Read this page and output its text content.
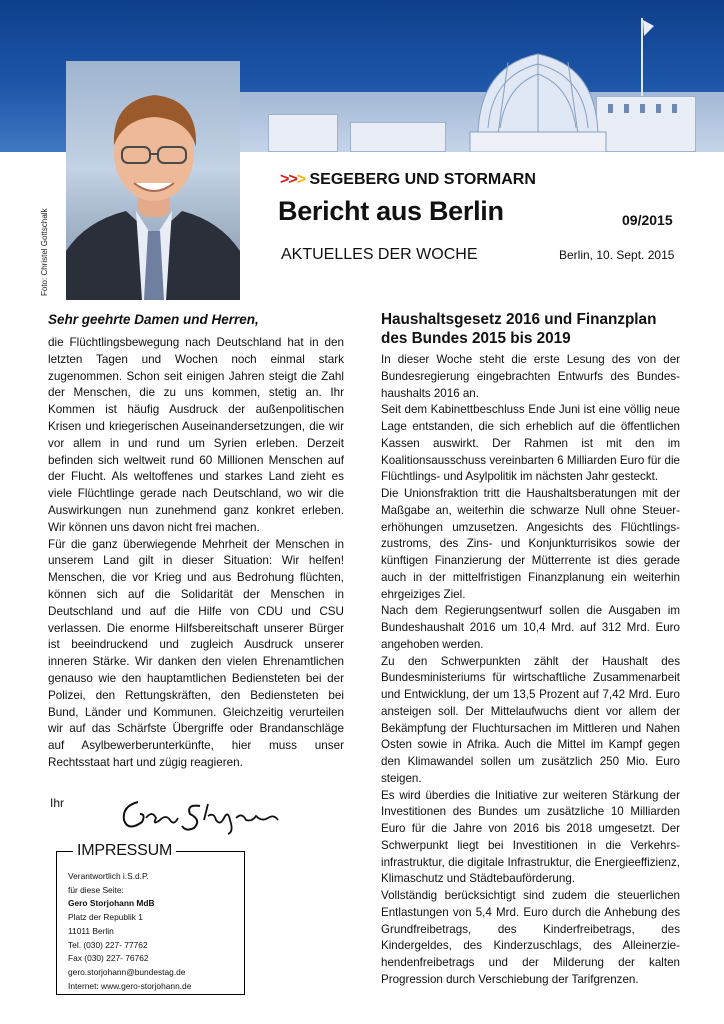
Foto: Christel Gottschalk
>>> SEGEBERG UND STORMARN
Bericht aus Berlin	09/2015
AKTUELLES DER WOCHE	Berlin, 10. Sept. 2015
Sehr geehrte Damen und Herren,

die Flüchtlingsbewegung nach Deutschland hat in den letzten Tagen und Wochen noch einmal stark zugenommen. Schon seit einigen Jahren steigt die Zahl der Menschen, die zu uns kommen, stetig an. Ihr Kommen ist häufig Ausdruck der außenpolitischen Krisen und kriegerischen Auseinandersetzungen, die wir vor allem in und rund um Syrien erleben. Derzeit befinden sich weltweit rund 60 Millionen Menschen auf der Flucht. Als weltoffenes und starkes Land zieht es viele Flüchtlinge gerade nach Deutschland, wo wir die Auswirkungen nun zunehmend ganz konkret erleben. Wir können uns davon nicht frei machen.

Für die ganz überwiegende Mehrheit der Menschen in unserem Land gilt in dieser Situation: Wir helfen! Menschen, die vor Krieg und aus Bedrohung flüchten, können sich auf die Solidarität der Menschen in Deutschland und auf die Hilfe von CDU und CSU verlassen. Die enorme Hilfsbereitschaft unserer Bürger ist beeindruckend und zugleich Ausdruck unserer inneren Stärke. Wir danken den vielen Ehrenamtlichen genauso wie den hauptamtlichen Bediensteten bei der Polizei, den Rettungskräften, den Bediensteten bei Bund, Länder und Kommunen. Gleichzeitig verurteilen wir auf das Schärfste Übergriffe oder Brandanschläge auf Asylbewerberunterkünfte, hier muss unser Rechtsstaat hart und zügig reagieren.

Ihr
IMPRESSUM
Verantwortlich i.S.d.P.
für diese Seite:
Gero Storjohann MdB
Platz der Republik 1
11011 Berlin
Tel. (030) 227- 77762
Fax (030) 227- 76762
gero.storjohann@bundestag.de
Internet: www.gero-storjohann.de
Haushaltsgesetz 2016 und Finanzplan des Bundes 2015 bis 2019

In dieser Woche steht die erste Lesung des von der Bundesregierung eingebrachten Entwurfs des Bundeshaushalts 2016 an.

Seit dem Kabinettbeschluss Ende Juni ist eine völlig neue Lage entstanden, die sich erheblich auf die öffentlichen Kassen auswirkt. Der Rahmen ist mit den im Koalitionsausschuss vereinbarten 6 Milliarden Euro für die Flüchtlings- und Asylpolitik im nächsten Jahr gesteckt.

Die Unionsfraktion tritt die Haushaltsberatungen mit der Maßgabe an, weiterhin die schwarze Null ohne Steuererhöhungen umzusetzen. Angesichts des Flüchtlingszustroms, des Zins- und Konjunkturrisikos sowie der künftigen Finanzierung der Mütterrente ist dies gerade auch in der mittelfristigen Finanzplanung ein weiterhin ehrgeiziges Ziel.

Nach dem Regierungsentwurf sollen die Ausgaben im Bundeshaushalt 2016 um 10,4 Mrd. auf 312 Mrd. Euro angehoben werden.

Zu den Schwerpunkten zählt der Haushalt des Bundesministeriums für wirtschaftliche Zusammenarbeit und Entwicklung, der um 13,5 Prozent auf 7,42 Mrd. Euro ansteigen soll. Der Mittelaufwuchs dient vor allem der Bekämpfung der Fluchtursachen im Mittleren und Nahen Osten sowie in Afrika. Auch die Mittel im Kampf gegen den Klimawandel sollen um zusätzlich 250 Mio. Euro steigen.

Es wird überdies die Initiative zur weiteren Stärkung der Investitionen des Bundes um zusätzliche 10 Milliarden Euro für die Jahre von 2016 bis 2018 umgesetzt. Der Schwerpunkt liegt bei Investitionen in die Verkehrsinfrastruktur, die digitale Infrastruktur, die Energieeffizienz, Klimaschutz und Städtebauförderung.

Vollständig berücksichtigt sind zudem die steuerlichen Entlastungen von 5,4 Mrd. Euro durch die Anhebung des Grundfreibetrags, des Kinderfreibetrags, des Kindergeldes, des Kinderzuschlags, des Alleinerziehendenfreibetrags und der Milderung der kalten Progression durch Verschiebung der Tarifgrenzen.
